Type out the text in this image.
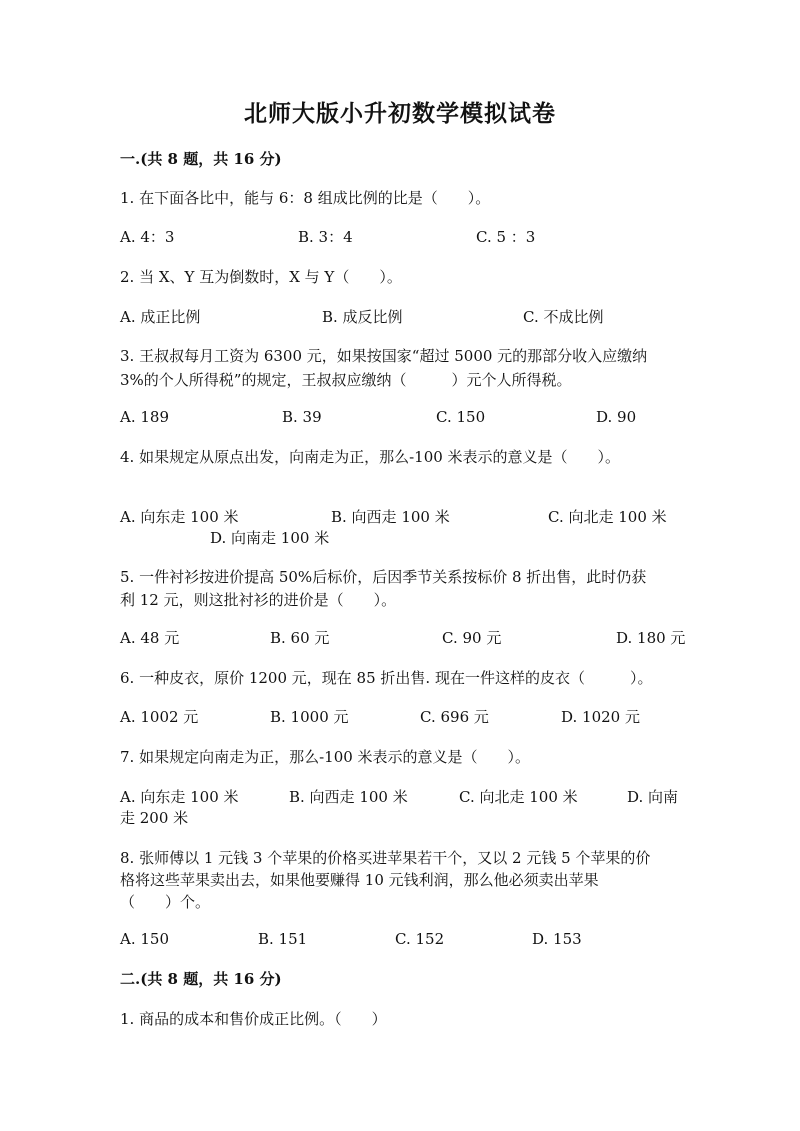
北师大版小升初数学模拟试卷
一.(共 8 题，共 16 分)
1. 在下面各比中，能与 6：8 组成比例的比是（　　）。
A. 4：3	B. 3：4	C. 5 ：3
2. 当 X、Y 互为倒数时，X 与 Y（　　）。
A. 成正比例	B. 成反比例	C. 不成比例
3. 王叔叔每月工资为 6300 元，如果按国家“超过 5000 元的那部分收入应缴纳
3%的个人所得税”的规定，王叔叔应缴纳（　　　）元个人所得税。
A. 189	B. 39	C. 150	D. 90
4. 如果规定从原点出发，向南走为正，那么-100 米表示的意义是（　　）。
A. 向东走 100 米	B. 向西走 100 米	C. 向北走 100 米
D. 向南走 100 米
5. 一件衬衫按进价提高 50%后标价，后因季节关系按标价 8 折出售，此时仍获
利 12 元，则这批衬衫的进价是（　　）。
A. 48 元	B. 60 元	C. 90 元	D. 180 元
6. 一种皮衣，原价 1200 元，现在 85 折出售. 现在一件这样的皮衣（　　　）。
A. 1002 元	B. 1000 元	C. 696 元	D. 1020 元
7. 如果规定向南走为正，那么-100 米表示的意义是（　　）。
A. 向东走 100 米	B. 向西走 100 米	C. 向北走 100 米	D. 向南
走 200 米
8. 张师傅以 1 元钱 3 个苹果的价格买进苹果若干个，又以 2 元钱 5 个苹果的价
格将这些苹果卖出去，如果他要赚得 10 元钱利润，那么他必须卖出苹果
（　　）个。
A. 150	B. 151	C. 152	D. 153
二.(共 8 题，共 16 分)
1. 商品的成本和售价成正比例。（　　）
